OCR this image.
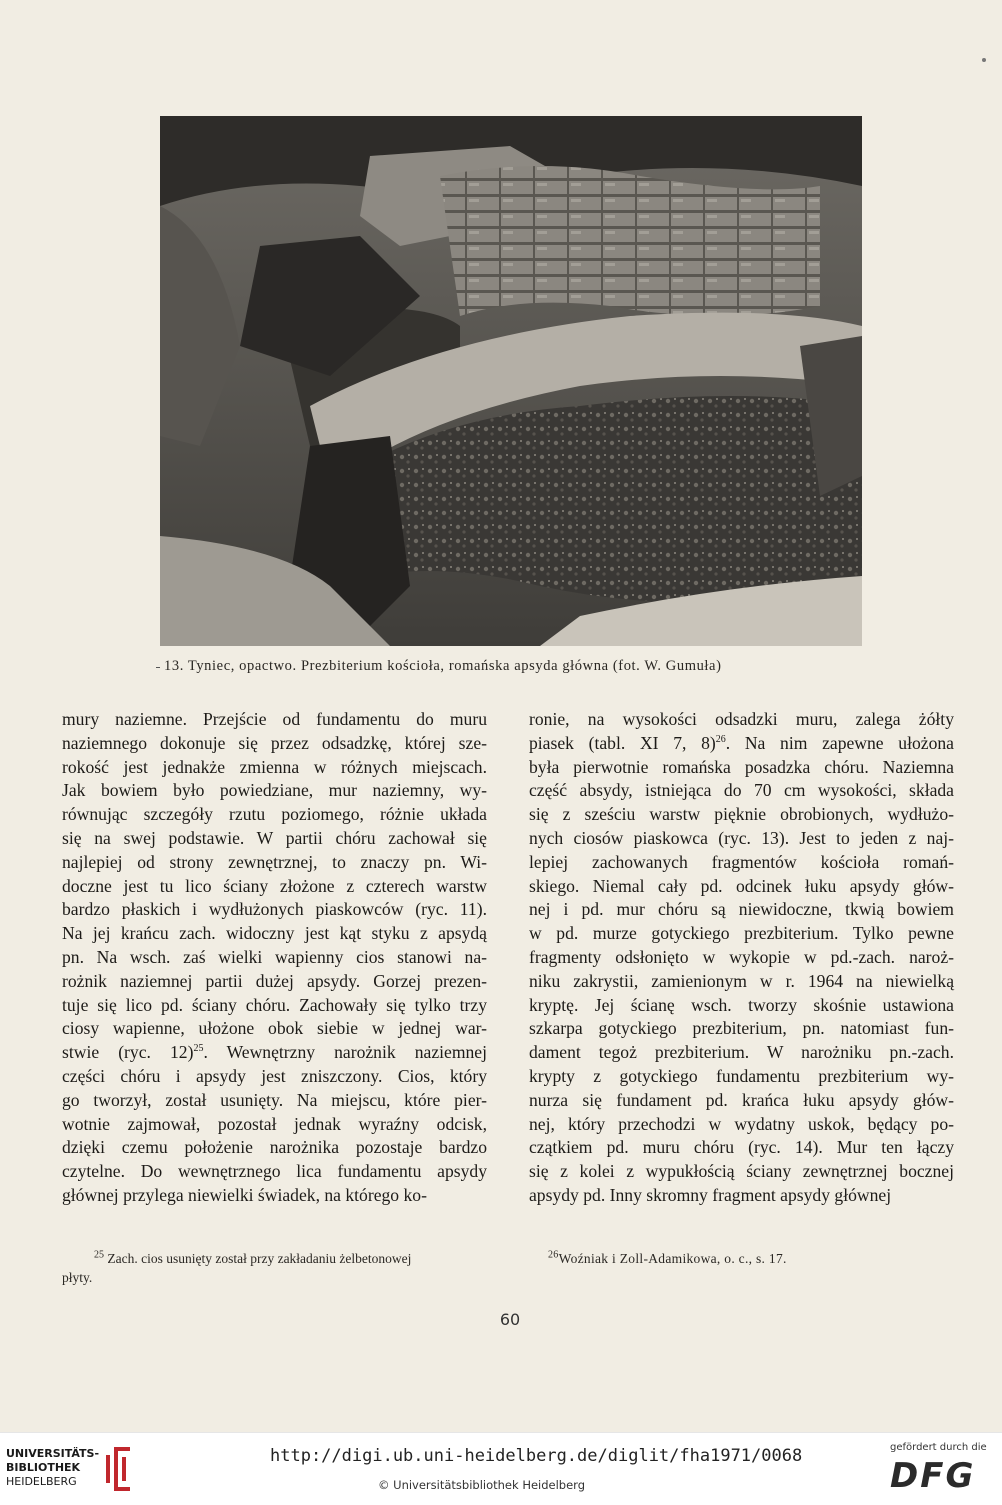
13. Tyniec, opactwo. Prezbiterium kościoła, romańska apsyda główna (fot. W. Gumuła)
mury naziemne. Przejście od fundamentu do muru
naziemnego dokonuje się przez odsadzkę, której sze-
rokość jest jednakże zmienna w różnych miejscach.
Jak bowiem było powiedziane, mur naziemny, wy-
równując szczegóły rzutu poziomego, różnie układa
się na swej podstawie. W partii chóru zachował się
najlepiej od strony zewnętrznej, to znaczy pn. Wi-
doczne jest tu lico ściany złożone z czterech warstw
bardzo płaskich i wydłużonych piaskowców (ryc. 11).
Na jej krańcu zach. widoczny jest kąt styku z apsydą
pn. Na wsch. zaś wielki wapienny cios stanowi na-
rożnik naziemnej partii dużej apsydy. Gorzej prezen-
tuje się lico pd. ściany chóru. Zachowały się tylko trzy
ciosy wapienne, ułożone obok siebie w jednej war-
stwie (ryc. 12)$^{25}$. Wewnętrzny narożnik naziemnej
części chóru i apsydy jest zniszczony. Cios, który
go tworzył, został usunięty. Na miejscu, które pier-
wotnie zajmował, pozostał jednak wyraźny odcisk,
dzięki czemu położenie narożnika pozostaje bardzo
czytelne. Do wewnętrznego lica fundamentu apsydy
głównej przylega niewielki świadek, na którego ko-
ronie, na wysokości odsadzki muru, zalega żółty
piasek (tabl. XI 7, 8)$^{26}$. Na nim zapewne ułożona
była pierwotnie romańska posadzka chóru. Naziemna
część absydy, istniejąca do 70 cm wysokości, składa
się z sześciu warstw pięknie obrobionych, wydłużo-
nych ciosów piaskowca (ryc. 13). Jest to jeden z naj-
lepiej zachowanych fragmentów kościoła romań-
skiego. Niemal cały pd. odcinek łuku apsydy głów-
nej i pd. mur chóru są niewidoczne, tkwią bowiem
w pd. murze gotyckiego prezbiterium. Tylko pewne
fragmenty odsłonięto w wykopie w pd.-zach. naroż-
niku zakrystii, zamienionym w r. 1964 na niewielką
kryptę. Jej ścianę wsch. tworzy skośnie ustawiona
szkarpa gotyckiego prezbiterium, pn. natomiast fun-
dament tegoż prezbiterium. W narożniku pn.-zach.
krypty z gotyckiego fundamentu prezbiterium wy-
nurza się fundament pd. krańca łuku apsydy głów-
nej, który przechodzi w wydatny uskok, będący po-
czątkiem pd. muru chóru (ryc. 14). Mur ten łączy
się z kolei z wypukłością ściany zewnętrznej bocznej
apsydy pd. Inny skromny fragment apsydy głównej
$^{25}$ Zach. cios usunięty został przy zakładaniu żelbetonowej
płyty.
$^{26}$Woźniak i Zoll-Adamikowa, o. c., s. 17.
60
UNIVERSITÄTS-
BIBLIOTHEK
HEIDELBERG
http://digi.ub.uni-heidelberg.de/diglit/fha1971/0068
© Universitätsbibliothek Heidelberg
gefördert durch die
DFG
